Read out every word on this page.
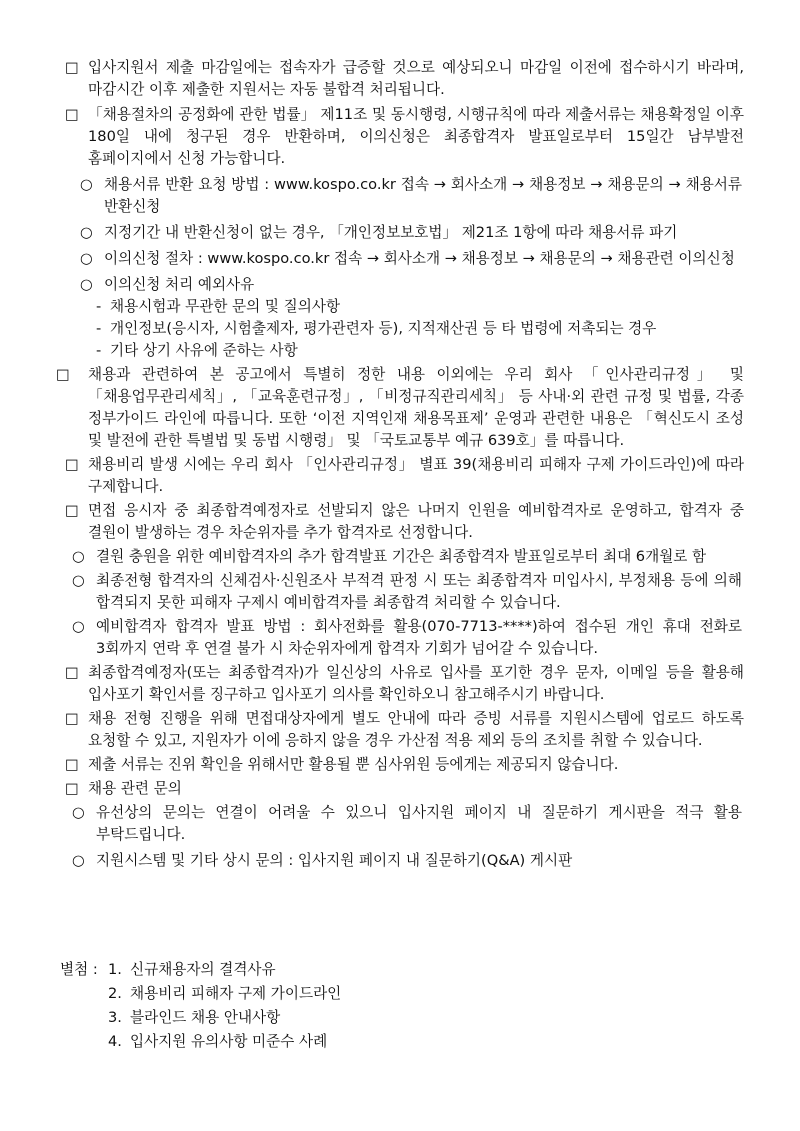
□ 입사지원서 제출 마감일에는 접속자가 급증할 것으로 예상되오니 마감일 이전에 접수하시기 바라며, 마감시간 이후 제출한 지원서는 자동 불합격 처리됩니다.

□ 「채용절차의 공정화에 관한 법률」 제11조 및 동시행령, 시행규칙에 따라 제출서류는 채용확정일 이후 180일 내에 청구된 경우 반환하며, 이의신청은 최종합격자 발표일로부터 15일간 남부발전 홈페이지에서 신청 가능합니다.

○ 채용서류 반환 요청 방법 : www.kospo.co.kr 접속 → 회사소개 → 채용정보 → 채용문의 → 채용서류 반환신청

○ 지정기간 내 반환신청이 없는 경우, 「개인정보보호법」 제21조 1항에 따라 채용서류 파기

○ 이의신청 절차 : www.kospo.co.kr 접속 → 회사소개 → 채용정보 → 채용문의 → 채용관련 이의신청

○ 이의신청 처리 예외사유

- 채용시험과 무관한 문의 및 질의사항

- 개인정보(응시자, 시험출제자, 평가관련자 등), 지적재산권 등 타 법령에 저촉되는 경우

- 기타 상기 사유에 준하는 사항

□ 채용과 관련하여 본 공고에서 특별히 정한 내용 이외에는 우리 회사 「인사관리규정」 및 「채용업무관리세칙」, 「교육훈련규정」, 「비정규직관리세칙」 등 사내·외 관련 규정 및 법률, 각종 정부가이드 라인에 따릅니다. 또한 ‘이전 지역인재 채용목표제’ 운영과 관련한 내용은 「혁신도시 조성 및 발전에 관한 특별법 및 동법 시행령」 및 「국토교통부 예규 639호」를 따릅니다.

□ 채용비리 발생 시에는 우리 회사 「인사관리규정」 별표 39(채용비리 피해자 구제 가이드라인)에 따라 구제합니다.

□ 면접 응시자 중 최종합격예정자로 선발되지 않은 나머지 인원을 예비합격자로 운영하고, 합격자 중 결원이 발생하는 경우 차순위자를 추가 합격자로 선정합니다.

○ 결원 충원을 위한 예비합격자의 추가 합격발표 기간은 최종합격자 발표일로부터 최대 6개월로 함

○ 최종전형 합격자의 신체검사·신원조사 부적격 판정 시 또는 최종합격자 미입사시, 부정채용 등에 의해 합격되지 못한 피해자 구제시 예비합격자를 최종합격 처리할 수 있습니다.

○ 예비합격자 합격자 발표 방법 : 회사전화를 활용(070-7713-****)하여 접수된 개인 휴대 전화로 3회까지 연락 후 연결 불가 시 차순위자에게 합격자 기회가 넘어갈 수 있습니다.

□ 최종합격예정자(또는 최종합격자)가 일신상의 사유로 입사를 포기한 경우 문자, 이메일 등을 활용해 입사포기 확인서를 징구하고 입사포기 의사를 확인하오니 참고해주시기 바랍니다.

□ 채용 전형 진행을 위해 면접대상자에게 별도 안내에 따라 증빙 서류를 지원시스템에 업로드 하도록 요청할 수 있고, 지원자가 이에 응하지 않을 경우 가산점 적용 제외 등의 조치를 취할 수 있습니다.

□ 제출 서류는 진위 확인을 위해서만 활용될 뿐 심사위원 등에게는 제공되지 않습니다.

□ 채용 관련 문의

○ 유선상의 문의는 연결이 어려울 수 있으니 입사지원 페이지 내 질문하기 게시판을 적극 활용 부탁드립니다.

○ 지원시스템 및 기타 상시 문의 : 입사지원 페이지 내 질문하기(Q&A) 게시판

별첨 : 1. 신규채용자의 결격사유
2. 채용비리 피해자 구제 가이드라인
3. 블라인드 채용 안내사항
4. 입사지원 유의사항 미준수 사례
